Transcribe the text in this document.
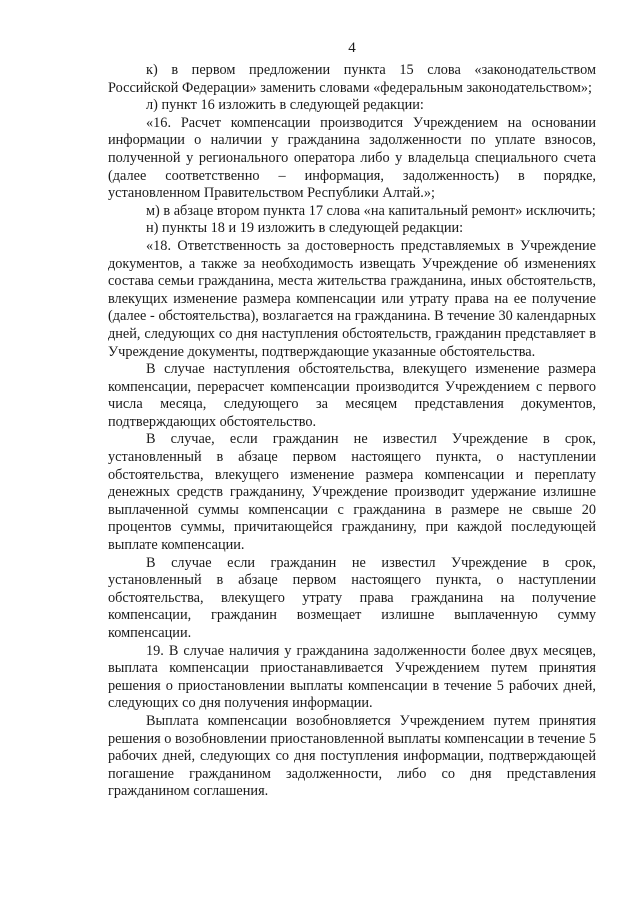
4

к) в первом предложении пункта 15 слова «законодательством Российской Федерации» заменить словами «федеральным законодательством»;

л) пункт 16 изложить в следующей редакции:

«16. Расчет компенсации производится Учреждением на основании информации о наличии у гражданина задолженности по уплате взносов, полученной у регионального оператора либо у владельца специального счета (далее соответственно – информация, задолженность) в порядке, установленном Правительством Республики Алтай.»;

м) в абзаце втором пункта 17 слова «на капитальный ремонт» исключить;

н) пункты 18 и 19 изложить в следующей редакции:

«18. Ответственность за достоверность представляемых в Учреждение документов, а также за необходимость извещать Учреждение об изменениях состава семьи гражданина, места жительства гражданина, иных обстоятельств, влекущих изменение размера компенсации или утрату права на ее получение (далее - обстоятельства), возлагается на гражданина. В течение 30 календарных дней, следующих со дня наступления обстоятельств, гражданин представляет в Учреждение документы, подтверждающие указанные обстоятельства.

В случае наступления обстоятельства, влекущего изменение размера компенсации, перерасчет компенсации производится Учреждением с первого числа месяца, следующего за месяцем представления документов, подтверждающих обстоятельство.

В случае, если гражданин не известил Учреждение в срок, установленный в абзаце первом настоящего пункта, о наступлении обстоятельства, влекущего изменение размера компенсации и переплату денежных средств гражданину, Учреждение производит удержание излишне выплаченной суммы компенсации с гражданина в размере не свыше 20 процентов суммы, причитающейся гражданину, при каждой последующей выплате компенсации.

В случае если гражданин не известил Учреждение в срок, установленный в абзаце первом настоящего пункта, о наступлении обстоятельства, влекущего утрату права гражданина на получение компенсации, гражданин возмещает излишне выплаченную сумму компенсации.

19. В случае наличия у гражданина задолженности более двух месяцев, выплата компенсации приостанавливается Учреждением путем принятия решения о приостановлении выплаты компенсации в течение 5 рабочих дней, следующих со дня получения информации.

Выплата компенсации возобновляется Учреждением путем принятия решения о возобновлении приостановленной выплаты компенсации в течение 5 рабочих дней, следующих со дня поступления информации, подтверждающей погашение гражданином задолженности, либо со дня представления гражданином соглашения.
